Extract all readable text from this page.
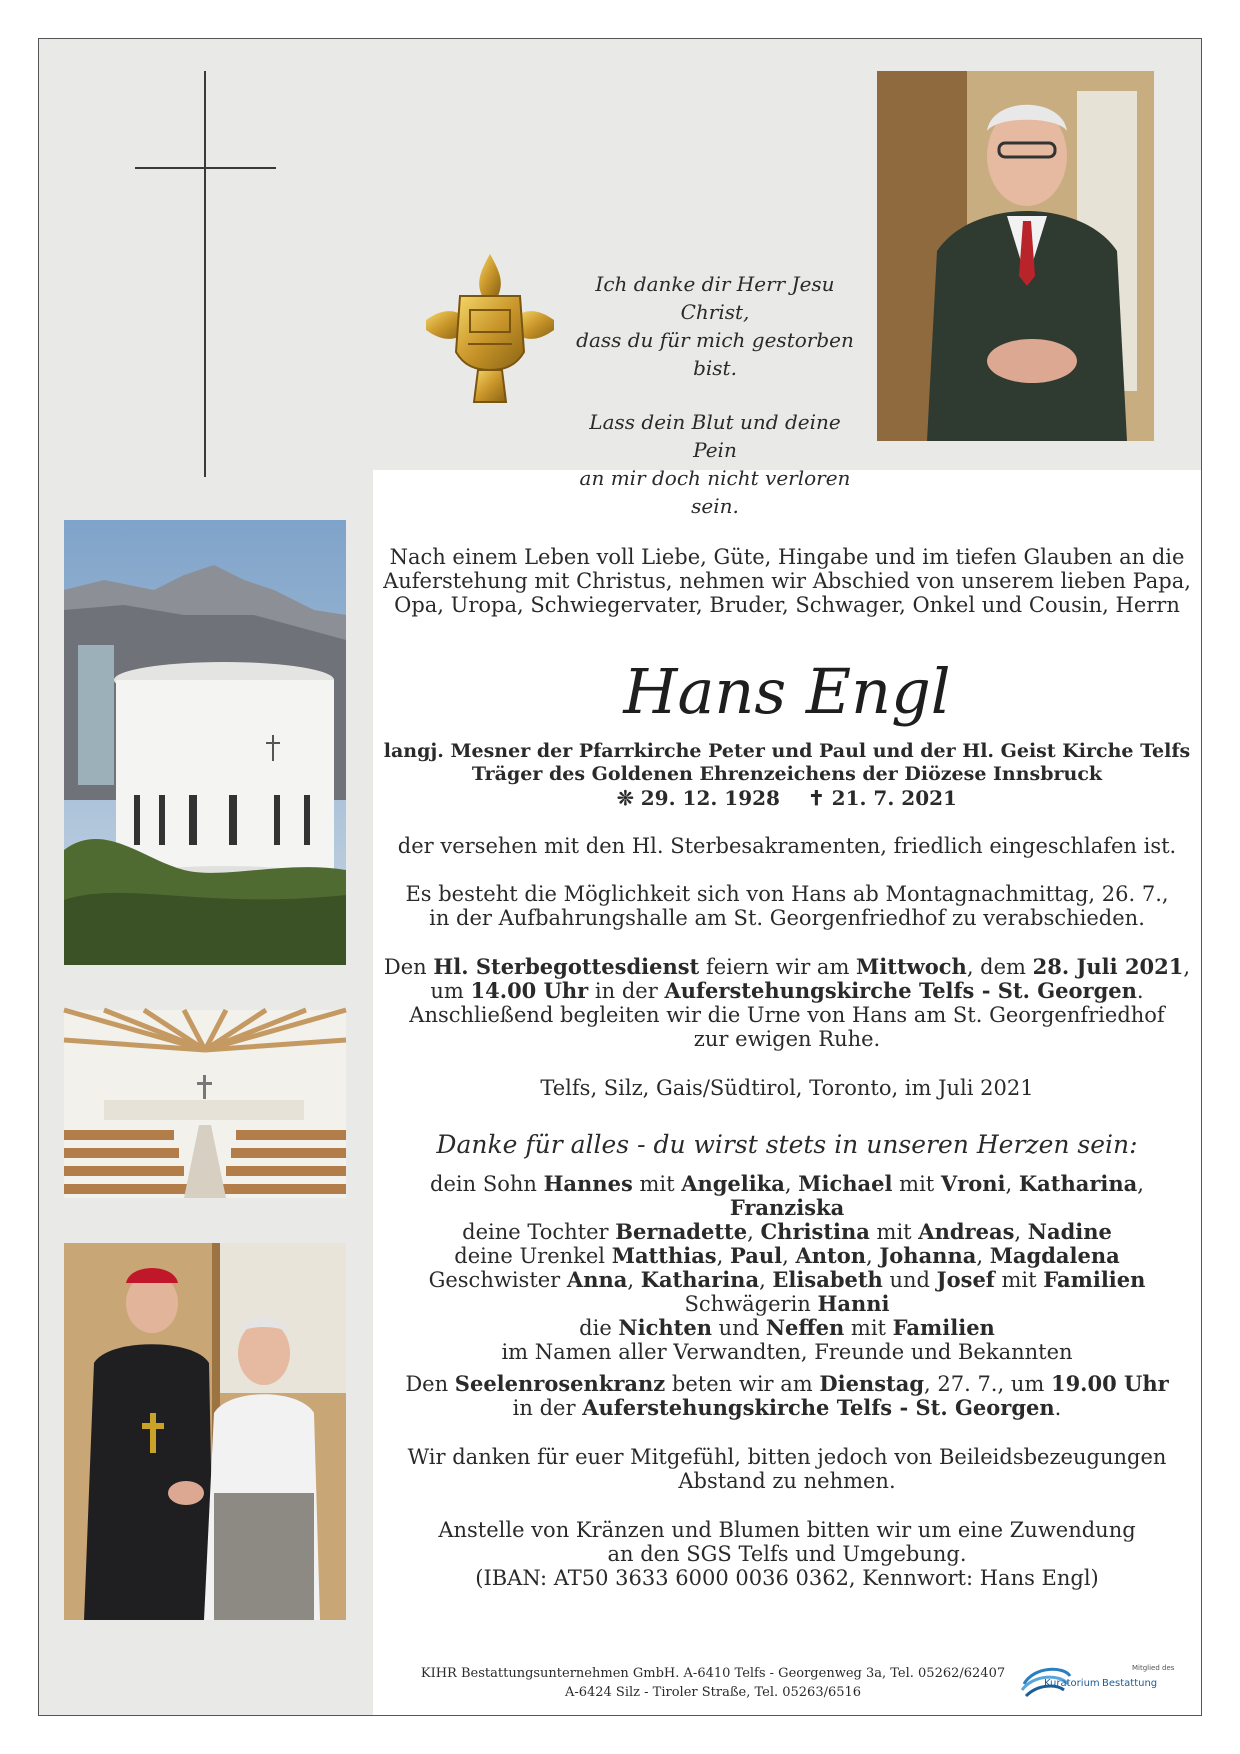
Ich danke dir Herr Jesu Christ,
dass du für mich gestorben bist.

Lass dein Blut und deine Pein
an mir doch nicht verloren sein.

Nach einem Leben voll Liebe, Güte, Hingabe und im tiefen Glauben an die
Auferstehung mit Christus, nehmen wir Abschied von unserem lieben Papa,
Opa, Uropa, Schwiegervater, Bruder, Schwager, Onkel und Cousin, Herrn
Hans Engl
langj. Mesner der Pfarrkirche Peter und Paul und der Hl. Geist Kirche Telfs
Träger des Goldenen Ehrenzeichens der Diözese Innsbruck
❊ 29. 12. 1928 ✝ 21. 7. 2021
der versehen mit den Hl. Sterbesakramenten, friedlich eingeschlafen ist.
Es besteht die Möglichkeit sich von Hans ab Montagnachmittag, 26. 7.,
in der Aufbahrungshalle am St. Georgenfriedhof zu verabschieden.
Den Hl. Sterbegottesdienst feiern wir am Mittwoch, dem 28. Juli 2021,
um 14.00 Uhr in der Auferstehungskirche Telfs - St. Georgen.
Anschließend begleiten wir die Urne von Hans am St. Georgenfriedhof
zur ewigen Ruhe.
Telfs, Silz, Gais/Südtirol, Toronto, im Juli 2021
Danke für alles - du wirst stets in unseren Herzen sein:
dein Sohn Hannes mit Angelika, Michael mit Vroni, Katharina, Franziska
deine Tochter Bernadette, Christina mit Andreas, Nadine
deine Urenkel Matthias, Paul, Anton, Johanna, Magdalena
Geschwister Anna, Katharina, Elisabeth und Josef mit Familien
Schwägerin Hanni
die Nichten und Neffen mit Familien
im Namen aller Verwandten, Freunde und Bekannten
Den Seelenrosenkranz beten wir am Dienstag, 27. 7., um 19.00 Uhr
in der Auferstehungskirche Telfs - St. Georgen.
Wir danken für euer Mitgefühl, bitten jedoch von Beileidsbezeugungen
Abstand zu nehmen.
Anstelle von Kränzen und Blumen bitten wir um eine Zuwendung
an den SGS Telfs und Umgebung.
(IBAN: AT50 3633 6000 0036 0362, Kennwort: Hans Engl)
KIHR Bestattungsunternehmen GmbH. A-6410 Telfs - Georgenweg 3a, Tel. 05262/62407
A-6424 Silz - Tiroler Straße, Tel. 05263/6516
Mitglied des
Kuratorium Bestattung
